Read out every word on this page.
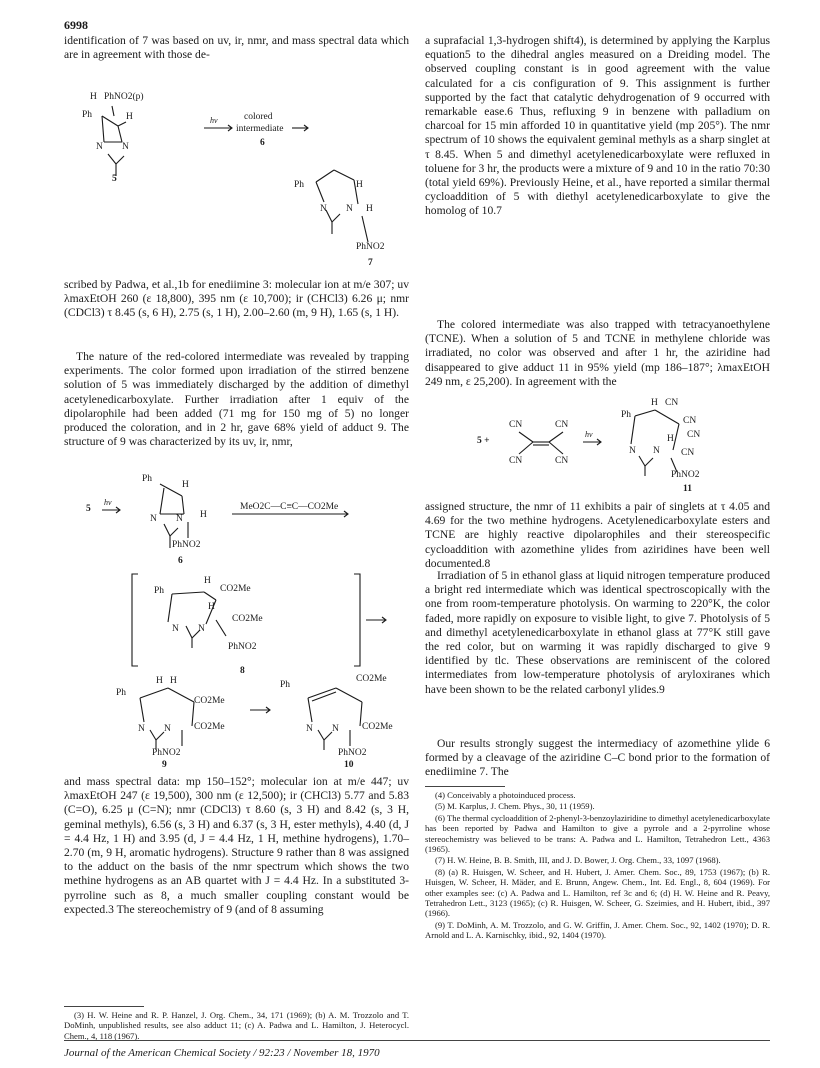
6998

identification of 7 was based on uv, ir, nmr, and mass spectral data which are in agreement with those de-

H PhNO2(p)
Ph	H
N N
5
hν	colored
intermediate
6
Ph	H
N N H
PhNO2
7

scribed by Padwa, et al.,1b for enediimine 3: molecular ion at m/e 307; uv λmaxEtOH 260 (ε 18,800), 395 nm (ε 10,700); ir (CHCl3) 6.26 μ; nmr (CDCl3) τ 8.45 (s, 6 H), 2.75 (s, 1 H), 2.00–2.60 (m, 9 H), 1.65 (s, 1 H).

The nature of the red-colored intermediate was revealed by trapping experiments. The color formed upon irradiation of the stirred benzene solution of 5 was immediately discharged by the addition of dimethyl acetylenedicarboxylate. Further irradiation after 1 equiv of the dipolarophile had been added (71 mg for 150 mg of 5) no longer produced the coloration, and in 2 hr, gave 68% yield of adduct 9. The structure of 9 was characterized by its uv, ir, nmr,

Ph
H
5
hν
N N H
PhNO2
6
MeO2C—C≡C—CO2Me
Ph
H
CO2Me
H
CO2Me
N N
PhNO2
8
H H
Ph
CO2Me
CO2Me
N N
PhNO2
9
Ph
CO2Me
CO2Me
N N
PhNO2
10

and mass spectral data: mp 150–152°; molecular ion at m/e 447; uv λmaxEtOH 247 (ε 19,500), 300 nm (ε 12,500); ir (CHCl3) 5.77 and 5.83 (C=O), 6.25 μ (C=N); nmr (CDCl3) τ 8.60 (s, 3 H) and 8.42 (s, 3 H, geminal methyls), 6.56 (s, 3 H) and 6.37 (s, 3 H, ester methyls), 4.40 (d, J = 4.4 Hz, 1 H) and 3.95 (d, J = 4.4 Hz, 1 H, methine hydrogens), 1.70–2.70 (m, 9 H, aromatic hydrogens). Structure 9 rather than 8 was assigned to the adduct on the basis of the nmr spectrum which shows the two methine hydrogens as an AB quartet with J = 4.4 Hz. In a substituted 3-pyrroline such as 8, a much smaller coupling constant would be expected.3 The stereochemistry of 9 (and of 8 assuming

(3) H. W. Heine and R. P. Hanzel, J. Org. Chem., 34, 171 (1969); (b) A. M. Trozzolo and T. DoMinh, unpublished results, see also adduct 11; (c) A. Padwa and L. Hamilton, J. Heterocycl. Chem., 4, 118 (1967).

a suprafacial 1,3-hydrogen shift4), is determined by applying the Karplus equation5 to the dihedral angles measured on a Dreiding model. The observed coupling constant is in good agreement with the value calculated for a cis configuration of 9. This assignment is further supported by the fact that catalytic dehydrogenation of 9 occurred with remarkable ease.6 Thus, refluxing 9 in benzene with palladium on charcoal for 15 min afforded 10 in quantitative yield (mp 205°). The nmr spectrum of 10 shows the equivalent geminal methyls as a sharp singlet at τ 8.45. When 5 and dimethyl acetylenedicarboxylate were refluxed in toluene for 3 hr, the products were a mixture of 9 and 10 in the ratio 70:30 (total yield 69%). Previously Heine, et al., have reported a similar thermal cycloaddition of 5 with diethyl acetylenedicarboxylate to give the homolog of 10.7

The colored intermediate was also trapped with tetracyanoethylene (TCNE). When a solution of 5 and TCNE in methylene chloride was irradiated, no color was observed and after 1 hr, the aziridine had disappeared to give adduct 11 in 95% yield (mp 186–187°; λmaxEtOH 249 nm, ε 25,200). In agreement with the

H CN
Ph
CN
CN
H
CN
N N
PhNO2
11
CN	CN
CN	CN
5 +
hν

assigned structure, the nmr of 11 exhibits a pair of singlets at τ 4.05 and 4.69 for the two methine hydrogens. Acetylenedicarboxylate esters and TCNE are highly reactive dipolarophiles and their stereospecific cycloaddition with azomethine ylides from aziridines have been well documented.8

Irradiation of 5 in ethanol glass at liquid nitrogen temperature produced a bright red intermediate which was identical spectroscopically with the one from room-temperature photolysis. On warming to 220°K, the color faded, more rapidly on exposure to visible light, to give 7. Photolysis of 5 and dimethyl acetylenedicarboxylate in ethanol glass at 77°K still gave the red color, but on warming it was rapidly discharged to give 9 identified by tlc. These observations are reminiscent of the colored intermediates from low-temperature photolysis of aryloxiranes which have been shown to be the related carbonyl ylides.9

Our results strongly suggest the intermediacy of azomethine ylide 6 formed by a cleavage of the aziridine C–C bond prior to the formation of enediimine 7. The

(4) Conceivably a photoinduced process.

(5) M. Karplus, J. Chem. Phys., 30, 11 (1959).

(6) The thermal cycloaddition of 2-phenyl-3-benzoylaziridine to dimethyl acetylenedicarboxylate has been reported by Padwa and Hamilton to give a pyrrole and a 2-pyrroline whose stereochemistry was believed to be trans: A. Padwa and L. Hamilton, Tetrahedron Lett., 4363 (1965).

(7) H. W. Heine, B. B. Smith, III, and J. D. Bower, J. Org. Chem., 33, 1097 (1968).

(8) (a) R. Huisgen, W. Scheer, and H. Hubert, J. Amer. Chem. Soc., 89, 1753 (1967); (b) R. Huisgen, W. Scheer, H. Mäder, and E. Brunn, Angew. Chem., Int. Ed. Engl., 8, 604 (1969). For other examples see: (c) A. Padwa and L. Hamilton, ref 3c and 6; (d) H. W. Heine and R. Peavy, Tetrahedron Lett., 3123 (1965); (c) R. Huisgen, W. Scheer, G. Szeimies, and H. Hubert, ibid., 397 (1966).

(9) T. DoMinh, A. M. Trozzolo, and G. W. Griffin, J. Amer. Chem. Soc., 92, 1402 (1970); D. R. Arnold and L. A. Karnischky, ibid., 92, 1404 (1970).

Journal of the American Chemical Society / 92:23 / November 18, 1970
